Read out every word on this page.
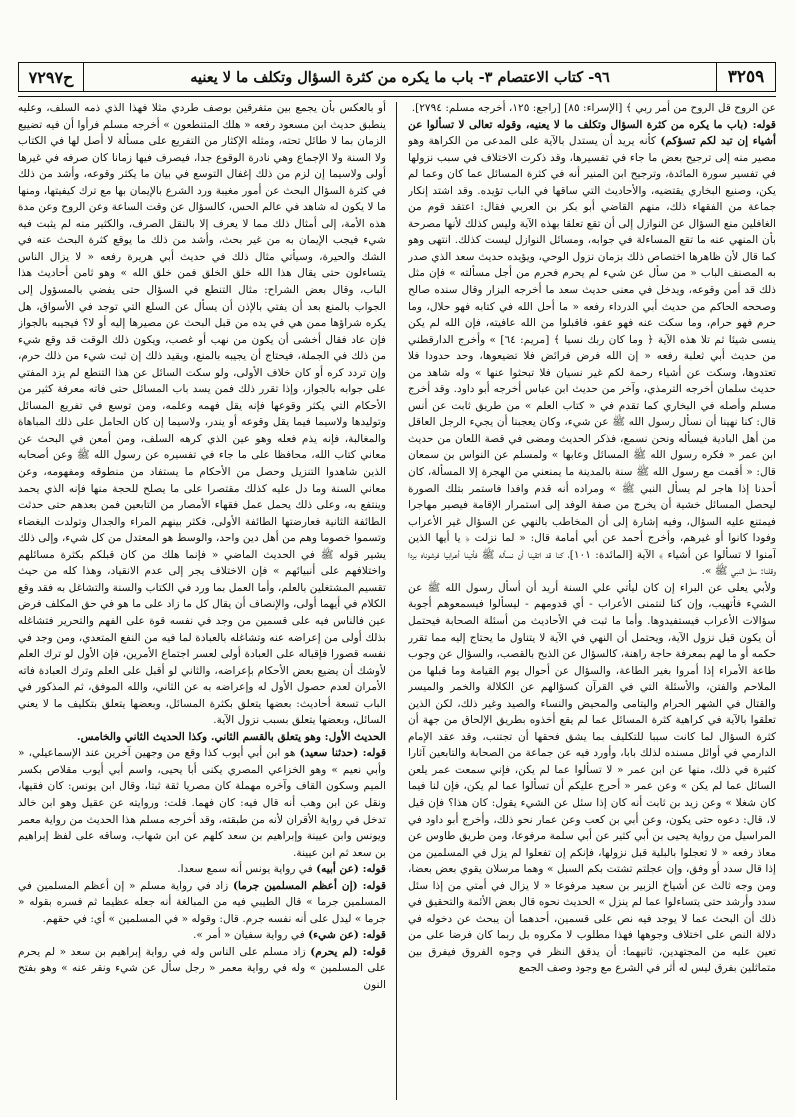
٣٢٥٩
٩٦- كتاب الاعتصام ٣- باب ما يكره من كثرة السؤال وتكلف ما لا يعنيه
ح٧٢٩٧

عن الروح قل الروح من أمر ربي ﴾ [الإسراء: ٨٥] [راجع: ١٢٥، أخرجه مسلم: ٢٧٩٤].

قوله: (باب ما يكره من كثرة السؤال وتكلف ما لا يعنيه، وقوله تعالى لا تسألوا عن أشياء إن تبد لكم تسؤكم) كأنه يريد أن يستدل بالآية على المدعى من الكراهة وهو مصير منه إلى ترجيح بعض ما جاء في تفسيرها، وقد ذكرت الاختلاف في سبب نزولها في تفسير سورة المائدة، وترجيح ابن المنير أنه في كثرة المسائل عما كان وعما لم يكن، وصنيع البخاري يقتضيه، والأحاديث التي ساقها في الباب تؤيده. وقد اشتد إنكار جماعة من الفقهاء ذلك، منهم القاضي أبو بكر بن العربي فقال: اعتقد قوم من الغافلين منع السؤال عن النوازل إلى أن تقع تعلقا بهذه الآية وليس كذلك لأنها مصرحة بأن المنهي عنه ما تقع المساءلة في جوابه، ومسائل النوازل ليست كذلك. انتهى وهو كما قال لأن ظاهرها اختصاص ذلك بزمان نزول الوحي، ويؤيده حديث سعد الذي صدر به المصنف الباب « من سأل عن شيء لم يحرم فحرم من أجل مسألته » فإن مثل ذلك قد أمن وقوعه، ويدخل في معنى حديث سعد ما أخرجه البزار وقال سنده صالح وصححه الحاكم من حديث أبي الدرداء رفعه « ما أحل الله في كتابه فهو حلال، وما حرم فهو حرام، وما سكت عنه فهو عفو، فاقبلوا من الله عافيته، فإن الله لم يكن ينسى شيئا ثم تلا هذه الآية ﴿ وما كان ربك نسيا ﴾ [مريم: ٦٤] » وأخرج الدارقطني من حديث أبي ثعلبة رفعه « إن الله فرض فرائض فلا تضيعوها، وحد حدودا فلا تعتدوها، وسكت عن أشياء رحمة لكم غير نسيان فلا تبحثوا عنها » وله شاهد من حديث سلمان أخرجه الترمذي، وآخر من حديث ابن عباس أخرجه أبو داود. وقد أخرج مسلم وأصله في البخاري كما تقدم في « كتاب العلم » من طريق ثابت عن أنس قال: كنا نهينا أن نسأل رسول الله ﷺ عن شيء، وكان يعجبنا أن يجيء الرجل العاقل من أهل البادية فيسأله ونحن نسمع، فذكر الحديث ومضى في قصة اللعان من حديث ابن عمر « فكره رسول الله ﷺ المسائل وعابها » ولمسلم عن النواس بن سمعان قال: « أقمت مع رسول الله ﷺ سنة بالمدينة ما يمنعني من الهجرة إلا المسألة، كان أحدنا إذا هاجر لم يسأل النبي ﷺ » ومراده أنه قدم وافدا فاستمر بتلك الصورة ليحصل المسائل خشية أن يخرج من صفة الوفد إلى استمرار الإقامة فيصير مهاجرا فيمتنع عليه السؤال، وفيه إشارة إلى أن المخاطب بالنهي عن السؤال غير الأعراب وفودا كانوا أو غيرهم، وأخرج أحمد عن أبي أمامة قال: « لما نزلت ﴿ يا أيها الذين آمنوا لا تسألوا عن أشياء ﴾ الآية [المائدة: ١٠١]، كنا قد اتقينا أن نسأله ﷺ فأتينا أعرابيا فرشوناه بردا وقلنا: سل النبي ﷺ ».

ولأبي يعلى عن البراء إن كان ليأتي علي السنة أريد أن أسأل رسول الله ﷺ عن الشيء فأتهيب، وإن كنا لنتمنى الأعراب - أي قدومهم - ليسألوا فيسمعوهم أجوبة سؤالات الأعراب فيستفيدوها. وأما ما ثبت في الأحاديث من أسئلة الصحابة فيحتمل أن يكون قبل نزول الآية، ويحتمل أن النهي في الآية لا يتناول ما يحتاج إليه مما تقرر حكمه أو ما لهم بمعرفة حاجة راهنة، كالسؤال عن الذبح بالقصب، والسؤال عن وجوب طاعة الأمراء إذا أمروا بغير الطاعة، والسؤال عن أحوال يوم القيامة وما قبلها من الملاحم والفتن، والأسئلة التي في القرآن كسؤالهم عن الكلالة والخمر والميسر والقتال في الشهر الحرام واليتامى والمحيض والنساء والصيد وغير ذلك، لكن الذين تعلقوا بالآية في كراهية كثرة المسائل عما لم يقع أخذوه بطريق الإلحاق من جهة أن كثرة السؤال لما كانت سببا للتكليف بما يشق فحقها أن تجتنب، وقد عقد الإمام الدارمي في أوائل مسنده لذلك بابا، وأورد فيه عن جماعة من الصحابة والتابعين آثارا كثيرة في ذلك، منها عن ابن عمر « لا تسألوا عما لم يكن، فإني سمعت عمر يلعن السائل عما لم يكن » وعن عمر « أحرج عليكم أن تسألوا عما لم يكن، فإن لنا فيما كان شغلا » وعن زيد بن ثابت أنه كان إذا سئل عن الشيء يقول: كان هذا؟ فإن قيل لا، قال: دعوه حتى يكون، وعن أبي بن كعب وعن عمار نحو ذلك، وأخرج أبو داود في المراسيل من رواية يحيى بن أبي كثير عن أبي سلمة مرفوعا، ومن طريق طاوس عن معاذ رفعه « لا تعجلوا بالبلية قبل نزولها، فإنكم إن تفعلوا لم يزل في المسلمين من إذا قال سدد أو وفق، وإن عجلتم تشتت بكم السبل » وهما مرسلان يقوي بعض بعضا، ومن وجه ثالث عن أشياخ الزبير بن سعيد مرفوعا « لا يزال في أمتي من إذا سئل سدد وأرشد حتى يتساءلوا عما لم ينزل » الحديث نحوه قال بعض الأئمة والتحقيق في ذلك أن البحث عما لا يوجد فيه نص على قسمين، أحدهما أن يبحث عن دخوله في دلالة النص على اختلاف وجوهها فهذا مطلوب لا مكروه بل ربما كان فرضا على من تعين عليه من المجتهدين، ثانيهما: أن يدقق النظر في وجوه الفروق فيفرق بين متماثلين بفرق ليس له أثر في الشرع مع وجود وصف الجمع

أو بالعكس بأن يجمع بين متفرقين بوصف طردي مثلا فهذا الذي ذمه السلف، وعليه ينطبق حديث ابن مسعود رفعه « هلك المتنطعون » أخرجه مسلم فرأوا أن فيه تضييع الزمان بما لا طائل تحته، ومثله الإكثار من التفريع على مسألة لا أصل لها في الكتاب ولا السنة ولا الإجماع وهي نادرة الوقوع جدا، فيصرف فيها زمانا كان صرفه في غيرها أولى ولاسيما إن لزم من ذلك إغفال التوسع في بيان ما يكثر وقوعه، وأشد من ذلك في كثرة السؤال البحث عن أمور مغيبة ورد الشرع بالإيمان بها مع ترك كيفيتها، ومنها ما لا يكون له شاهد في عالم الحس، كالسؤال عن وقت الساعة وعن الروح وعن مدة هذه الأمة، إلى أمثال ذلك مما لا يعرف إلا بالنقل الصرف، والكثير منه لم يثبت فيه شيء فيجب الإيمان به من غير بحث، وأشد من ذلك ما يوقع كثرة البحث عنه في الشك والحيرة، وسيأتي مثال ذلك في حديث أبي هريرة رفعه « لا يزال الناس يتساءلون حتى يقال هذا الله خلق الخلق فمن خلق الله » وهو ثامن أحاديث هذا الباب، وقال بعض الشراح: مثال التنطع في السؤال حتى يفضي بالمسؤول إلى الجواب بالمنع بعد أن يفتي بالإذن أن يسأل عن السلع التي توجد في الأسواق، هل يكره شراؤها ممن هي في يده من قبل البحث عن مصيرها إليه أو لا؟ فيجيبه بالجواز فإن عاد فقال أخشى أن يكون من نهب أو غصب، ويكون ذلك الوقت قد وقع شيء من ذلك في الجملة، فيحتاج أن يجيبه بالمنع، ويقيد ذلك إن ثبت شيء من ذلك حرم، وإن تردد كره أو كان خلاف الأولى، ولو سكت السائل عن هذا التنطع لم يزد المفتي على جوابه بالجواز، وإذا تقرر ذلك فمن يسد باب المسائل حتى فاته معرفة كثير من الأحكام التي يكثر وقوعها فإنه يقل فهمه وعلمه، ومن توسع في تفريع المسائل وتوليدها ولاسيما فيما يقل وقوعه أو يندر، ولاسيما إن كان الحامل على ذلك المباهاة والمغالبة، فإنه يذم فعله وهو عين الذي كرهه السلف، ومن أمعن في البحث عن معاني كتاب الله، محافظا على ما جاء في تفسيره عن رسول الله ﷺ وعن أصحابه الذين شاهدوا التنزيل وحصل من الأحكام ما يستفاد من منطوقه ومفهومه، وعن معاني السنة وما دل عليه كذلك مقتصرا على ما يصلح للحجة منها فإنه الذي يحمد وينتفع به، وعلى ذلك يحمل عمل فقهاء الأمصار من التابعين فمن بعدهم حتى حدثت الطائفة الثانية فعارضتها الطائفة الأولى، فكثر بينهم المراء والجدال وتولدت البغضاء وتسموا خصوما وهم من أهل دين واحد، والوسط هو المعتدل من كل شيء، وإلى ذلك يشير قوله ﷺ في الحديث الماضي « فإنما هلك من كان قبلكم بكثرة مسائلهم واختلافهم على أنبيائهم » فإن الاختلاف يجر إلى عدم الانقياد، وهذا كله من حيث تقسيم المشتغلين بالعلم، وأما العمل بما ورد في الكتاب والسنة والتشاغل به فقد وقع الكلام في أيهما أولى، والإنصاف أن يقال كل ما زاد على ما هو في حق المكلف فرض عين فالناس فيه على قسمين من وجد في نفسه قوة على الفهم والتحرير فتشاغله بذلك أولى من إعراضه عنه وتشاغله بالعبادة لما فيه من النفع المتعدي، ومن وجد في نفسه قصورا فإقباله على العبادة أولى لعسر اجتماع الأمرين، فإن الأول لو ترك العلم لأوشك أن يضيع بعض الأحكام بإعراضه، والثاني لو أقبل على العلم وترك العبادة فاته الأمران لعدم حصول الأول له وإعراضه به عن الثاني، والله الموفق، ثم المذكور في الباب تسعة أحاديث: بعضها يتعلق بكثرة المسائل، وبعضها يتعلق بتكليف ما لا يعني السائل، وبعضها يتعلق بسبب نزول الآية.

الحديث الأول: وهو يتعلق بالقسم الثاني. وكذا الحديث الثاني والخامس.

قوله: (حدثنا سعيد) هو ابن أبي أيوب كذا وقع من وجهين آخرين عند الإسماعيلي، « وأبي نعيم » وهو الخزاعي المصري يكنى أبا يحيى، واسم أبي أيوب مقلاص بكسر الميم وسكون القاف وآخره مهملة كان مصريا ثقة ثبتا، وقال ابن يونس: كان فقيها، ونقل عن ابن وهب أنه قال فيه: كان فهما. قلت: وروايته عن عقيل وهو ابن خالد تدخل في رواية الأقران لأنه من طبقته، وقد أخرجه مسلم هذا الحديث من رواية معمر ويونس وابن عيينة وإبراهيم بن سعد كلهم عن ابن شهاب، وساقه على لفظ إبراهيم بن سعد ثم ابن عيينة.

قوله: (عن أبيه) في رواية يونس أنه سمع سعدا.

قوله: (إن أعظم المسلمين جرما) زاد في رواية مسلم « إن أعظم المسلمين في المسلمين جرما » قال الطيبي فيه من المبالغة أنه جعله عظيما ثم فسره بقوله « جرما » ليدل على أنه نفسه جرم. قال: وقوله « في المسلمين » أي: في حقهم.

قوله: (عن شيء) في رواية سفيان « أمر ».

قوله: (لم يحرم) زاد مسلم على الناس وله في رواية إبراهيم بن سعد « لم يحرم على المسلمين » وله في رواية معمر « رجل سأل عن شيء ونقر عنه » وهو بفتح النون
